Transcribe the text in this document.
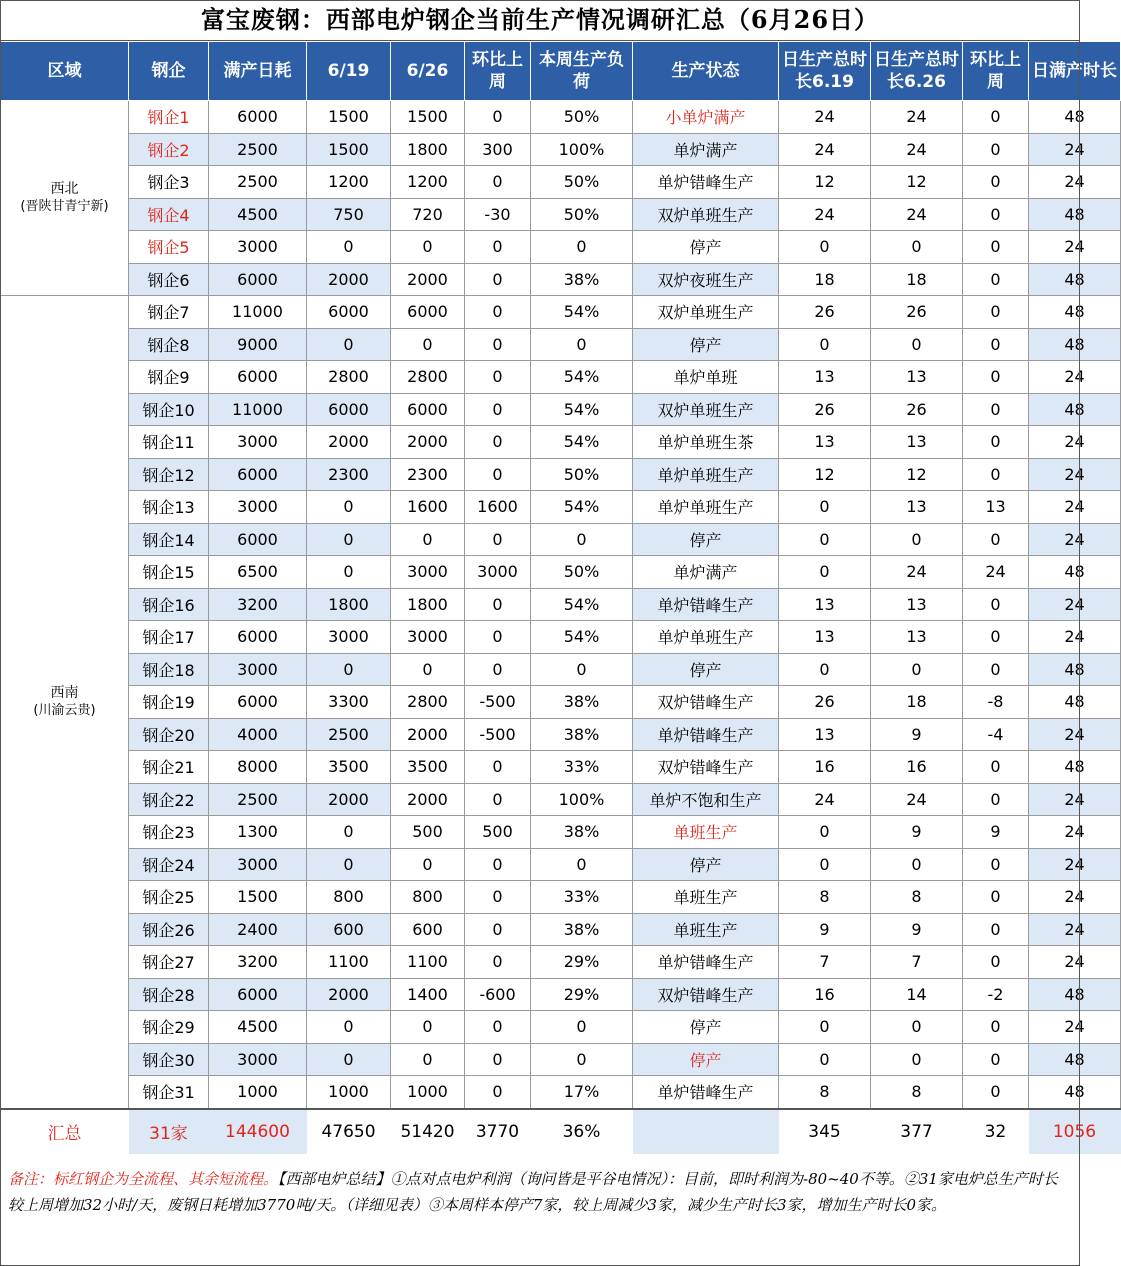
富宝废钢：西部电炉钢企当前生产情况调研汇总（6月26日）
区域	钢企	满产日耗	6/19	6/26	环比上周	本周生产负荷	生产状态	日生产总时长6.19	日生产总时长6.26	环比上周	日满产时长

西北
(晋陕甘青宁新)	钢企1	6000	1500	1500	0	50%	小单炉满产	24	24	0	48
	钢企2	2500	1500	1800	300	100%	单炉满产	24	24	0	24
	钢企3	2500	1200	1200	0	50%	单炉错峰生产	12	12	0	24
	钢企4	4500	750	720	-30	50%	双炉单班生产	24	24	0	48
	钢企5	3000	0	0	0	0	停产	0	0	0	24
	钢企6	6000	2000	2000	0	38%	双炉夜班生产	18	18	0	48

西南
(川渝云贵)	钢企7	11000	6000	6000	0	54%	双炉单班生产	26	26	0	48
	钢企8	9000	0	0	0	0	停产	0	0	0	48
	钢企9	6000	2800	2800	0	54%	单炉单班	13	13	0	24
	钢企10	11000	6000	6000	0	54%	双炉单班生产	26	26	0	48
	钢企11	3000	2000	2000	0	54%	单炉单班生茶	13	13	0	24
	钢企12	6000	2300	2300	0	50%	单炉单班生产	12	12	0	24
	钢企13	3000	0	1600	1600	54%	单炉单班生产	0	13	13	24
	钢企14	6000	0	0	0	0	停产	0	0	0	24
	钢企15	6500	0	3000	3000	50%	单炉满产	0	24	24	48
	钢企16	3200	1800	1800	0	54%	单炉错峰生产	13	13	0	24
	钢企17	6000	3000	3000	0	54%	单炉单班生产	13	13	0	24
	钢企18	3000	0	0	0	0	停产	0	0	0	48
	钢企19	6000	3300	2800	-500	38%	双炉错峰生产	26	18	-8	48
	钢企20	4000	2500	2000	-500	38%	单炉错峰生产	13	9	-4	24
	钢企21	8000	3500	3500	0	33%	双炉错峰生产	16	16	0	48
	钢企22	2500	2000	2000	0	100%	单炉不饱和生产	24	24	0	24
	钢企23	1300	0	500	500	38%	单班生产	0	9	9	24
	钢企24	3000	0	0	0	0	停产	0	0	0	24
	钢企25	1500	800	800	0	33%	单班生产	8	8	0	24
	钢企26	2400	600	600	0	38%	单班生产	9	9	0	24
	钢企27	3200	1100	1100	0	29%	单炉错峰生产	7	7	0	24
	钢企28	6000	2000	1400	-600	29%	双炉错峰生产	16	14	-2	48
	钢企29	4500	0	0	0	0	停产	0	0	0	24
	钢企30	3000	0	0	0	0	停产	0	0	0	48
	钢企31	1000	1000	1000	0	17%	单炉错峰生产	8	8	0	48
汇总	31家	144600	47650	51420	3770	36%		345	377	32	1056
备注：标红钢企为全流程、其余短流程。【西部电炉总结】①点对点电炉利润（询问皆是平谷电情况）：目前，即时利润为-80~40不等。②31家电炉总生产时长较上周增加32小时/天，废钢日耗增加3770吨/天。（详细见表）③本周样本停产7家，较上周减少3家，减少生产时长3家，增加生产时长0家。
